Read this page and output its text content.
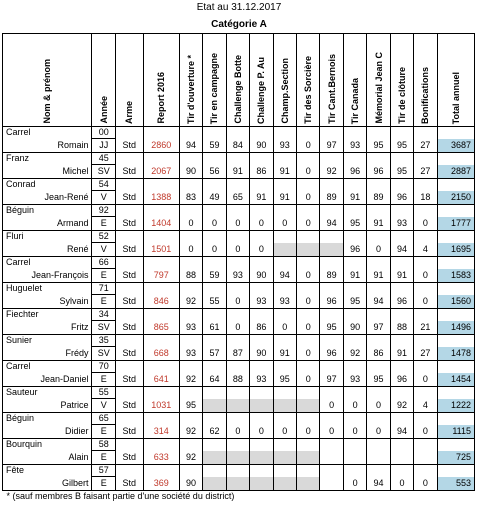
Etat au 31.12.2017
Catégorie A
Nom & prénom	Année	Arme	Report 2016	Tir d'ouverture *	Tir en campagne	Challenge Botte	Challenge P. Au	Champ.Section	Tir des Sorcière	Tir Cant.Bernois	Tir Canada	Mémorial Jean C	Tir de clôture	Bonifications	Total annuel
Carrel	00														
Romain	JJ	Std	2860	94	59	84	90	93	0	97	93	95	95	27	3687
Franz	45														
Michel	SV	Std	2067	90	56	91	86	91	0	92	96	96	95	27	2887
Conrad	54														
Jean-René	V	Std	1388	83	49	65	91	91	0	89	91	89	96	18	2150
Béguin	92														
Armand	E	Std	1404	0	0	0	0	0	0	94	95	91	93	0	1777
Fluri	52														
René	V	Std	1501	0	0	0	0				96	0	94	4	1695
Carrel	66														
Jean-François	E	Std	797	88	59	93	90	94	0	89	91	91	91	0	1583
Huguelet	71														
Sylvain	E	Std	846	92	55	0	93	93	0	96	95	94	96	0	1560
Fiechter	34														
Fritz	SV	Std	865	93	61	0	86	0	0	95	90	97	88	21	1496
Sunier	35														
Frédy	SV	Std	668	93	57	87	90	91	0	96	92	86	91	27	1478
Carrel	70														
Jean-Daniel	E	Std	641	92	64	88	93	95	0	97	93	95	96	0	1454
Sauteur	55														
Patrice	V	Std	1031	95						0	0	0	92	4	1222
Béguin	65														
Didier	E	Std	314	92	62	0	0	0	0	0	0	0	94	0	1115
Bourquin	58														
Alain	E	Std	633	92											725
Fête	57														
Gilbert	E	Std	369	90							0	94	0	0	553
* (sauf membres B faisant partie d'une société du district)															
